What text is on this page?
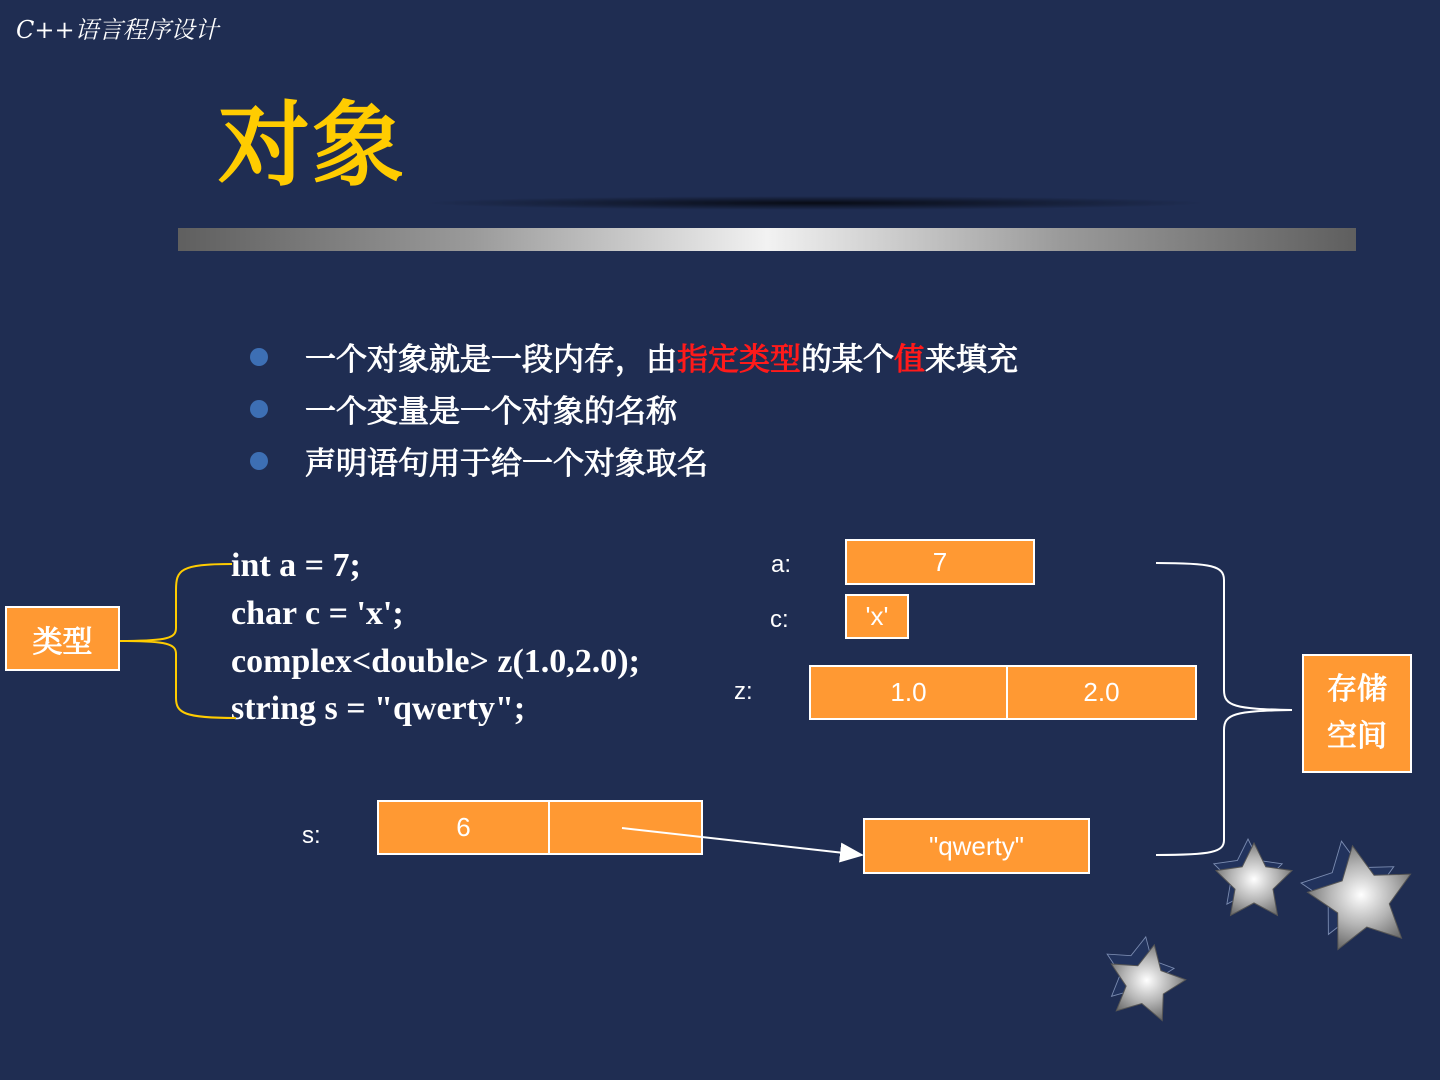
C++语言程序设计
对象
一个对象就是一段内存，由指定类型的某个值来填充
一个变量是一个对象的名称
声明语句用于给一个对象取名
int a = 7;
char c = 'x';
complex<double> z(1.0,2.0);
string s = "qwerty";
类型
存储
空间
a:	7
c:	'x'
z:	1.0	2.0
s:	6
"qwerty"
